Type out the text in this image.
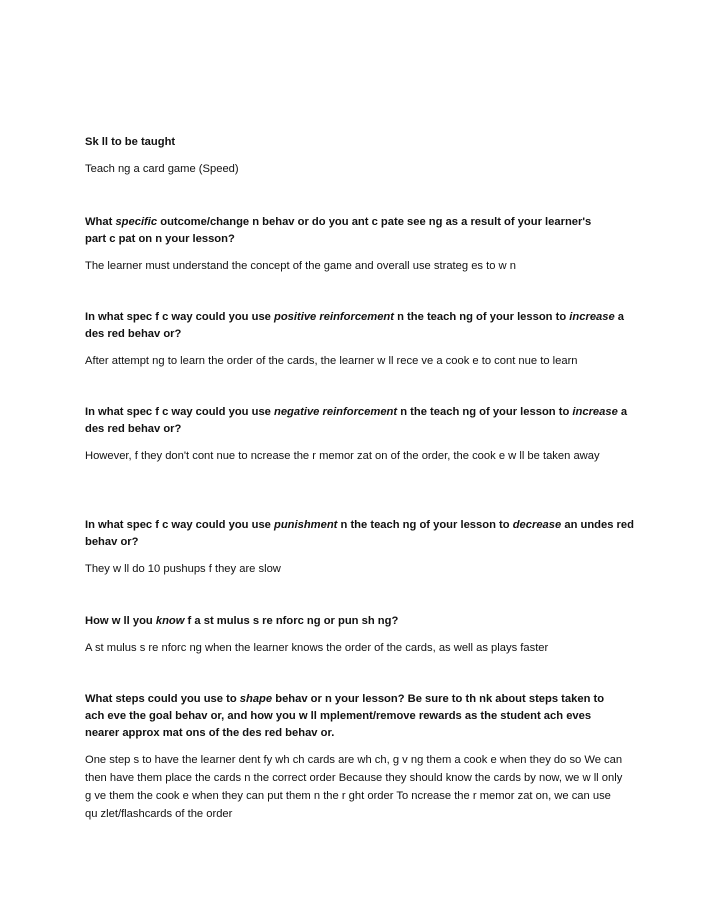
Sk ll to be taught

Teach ng a card game (Speed)

What specific outcome/change n behav or do you ant c pate see ng as a result of your learner's part c pat on n your lesson?

The learner must understand the concept of the game and overall use strateg es to w n

In what spec f c way could you use positive reinforcement n the teach ng of your lesson to increase a des red behav or?

After attempt ng to learn the order of the cards, the learner w ll rece ve a cook e to cont nue to learn

In what spec f c way could you use negative reinforcement n the teach ng of your lesson to increase a des red behav or?

However, f they don't cont nue to ncrease the r memor zat on of the order, the cook e w ll be taken away

In what spec f c way could you use punishment n the teach ng of your lesson to decrease an undes red behav or?

They w ll do 10 pushups f they are slow

How w ll you know f a st mulus s re nforc ng or pun sh ng?

A st mulus s re nforc ng when the learner knows the order of the cards, as well as plays faster

What steps could you use to shape behav or n your lesson? Be sure to th nk about steps taken to ach eve the goal behav or, and how you w ll mplement/remove rewards as the student ach eves nearer approx mat ons of the des red behav or.

One step s to have the learner dent fy wh ch cards are wh ch, g v ng them a cook e when they do so We can then have them place the cards n the correct order Because they should know the cards by now, we w ll only g ve them the cook e when they can put them n the r ght order To ncrease the r memor zat on, we can use qu zlet/flashcards of the order
